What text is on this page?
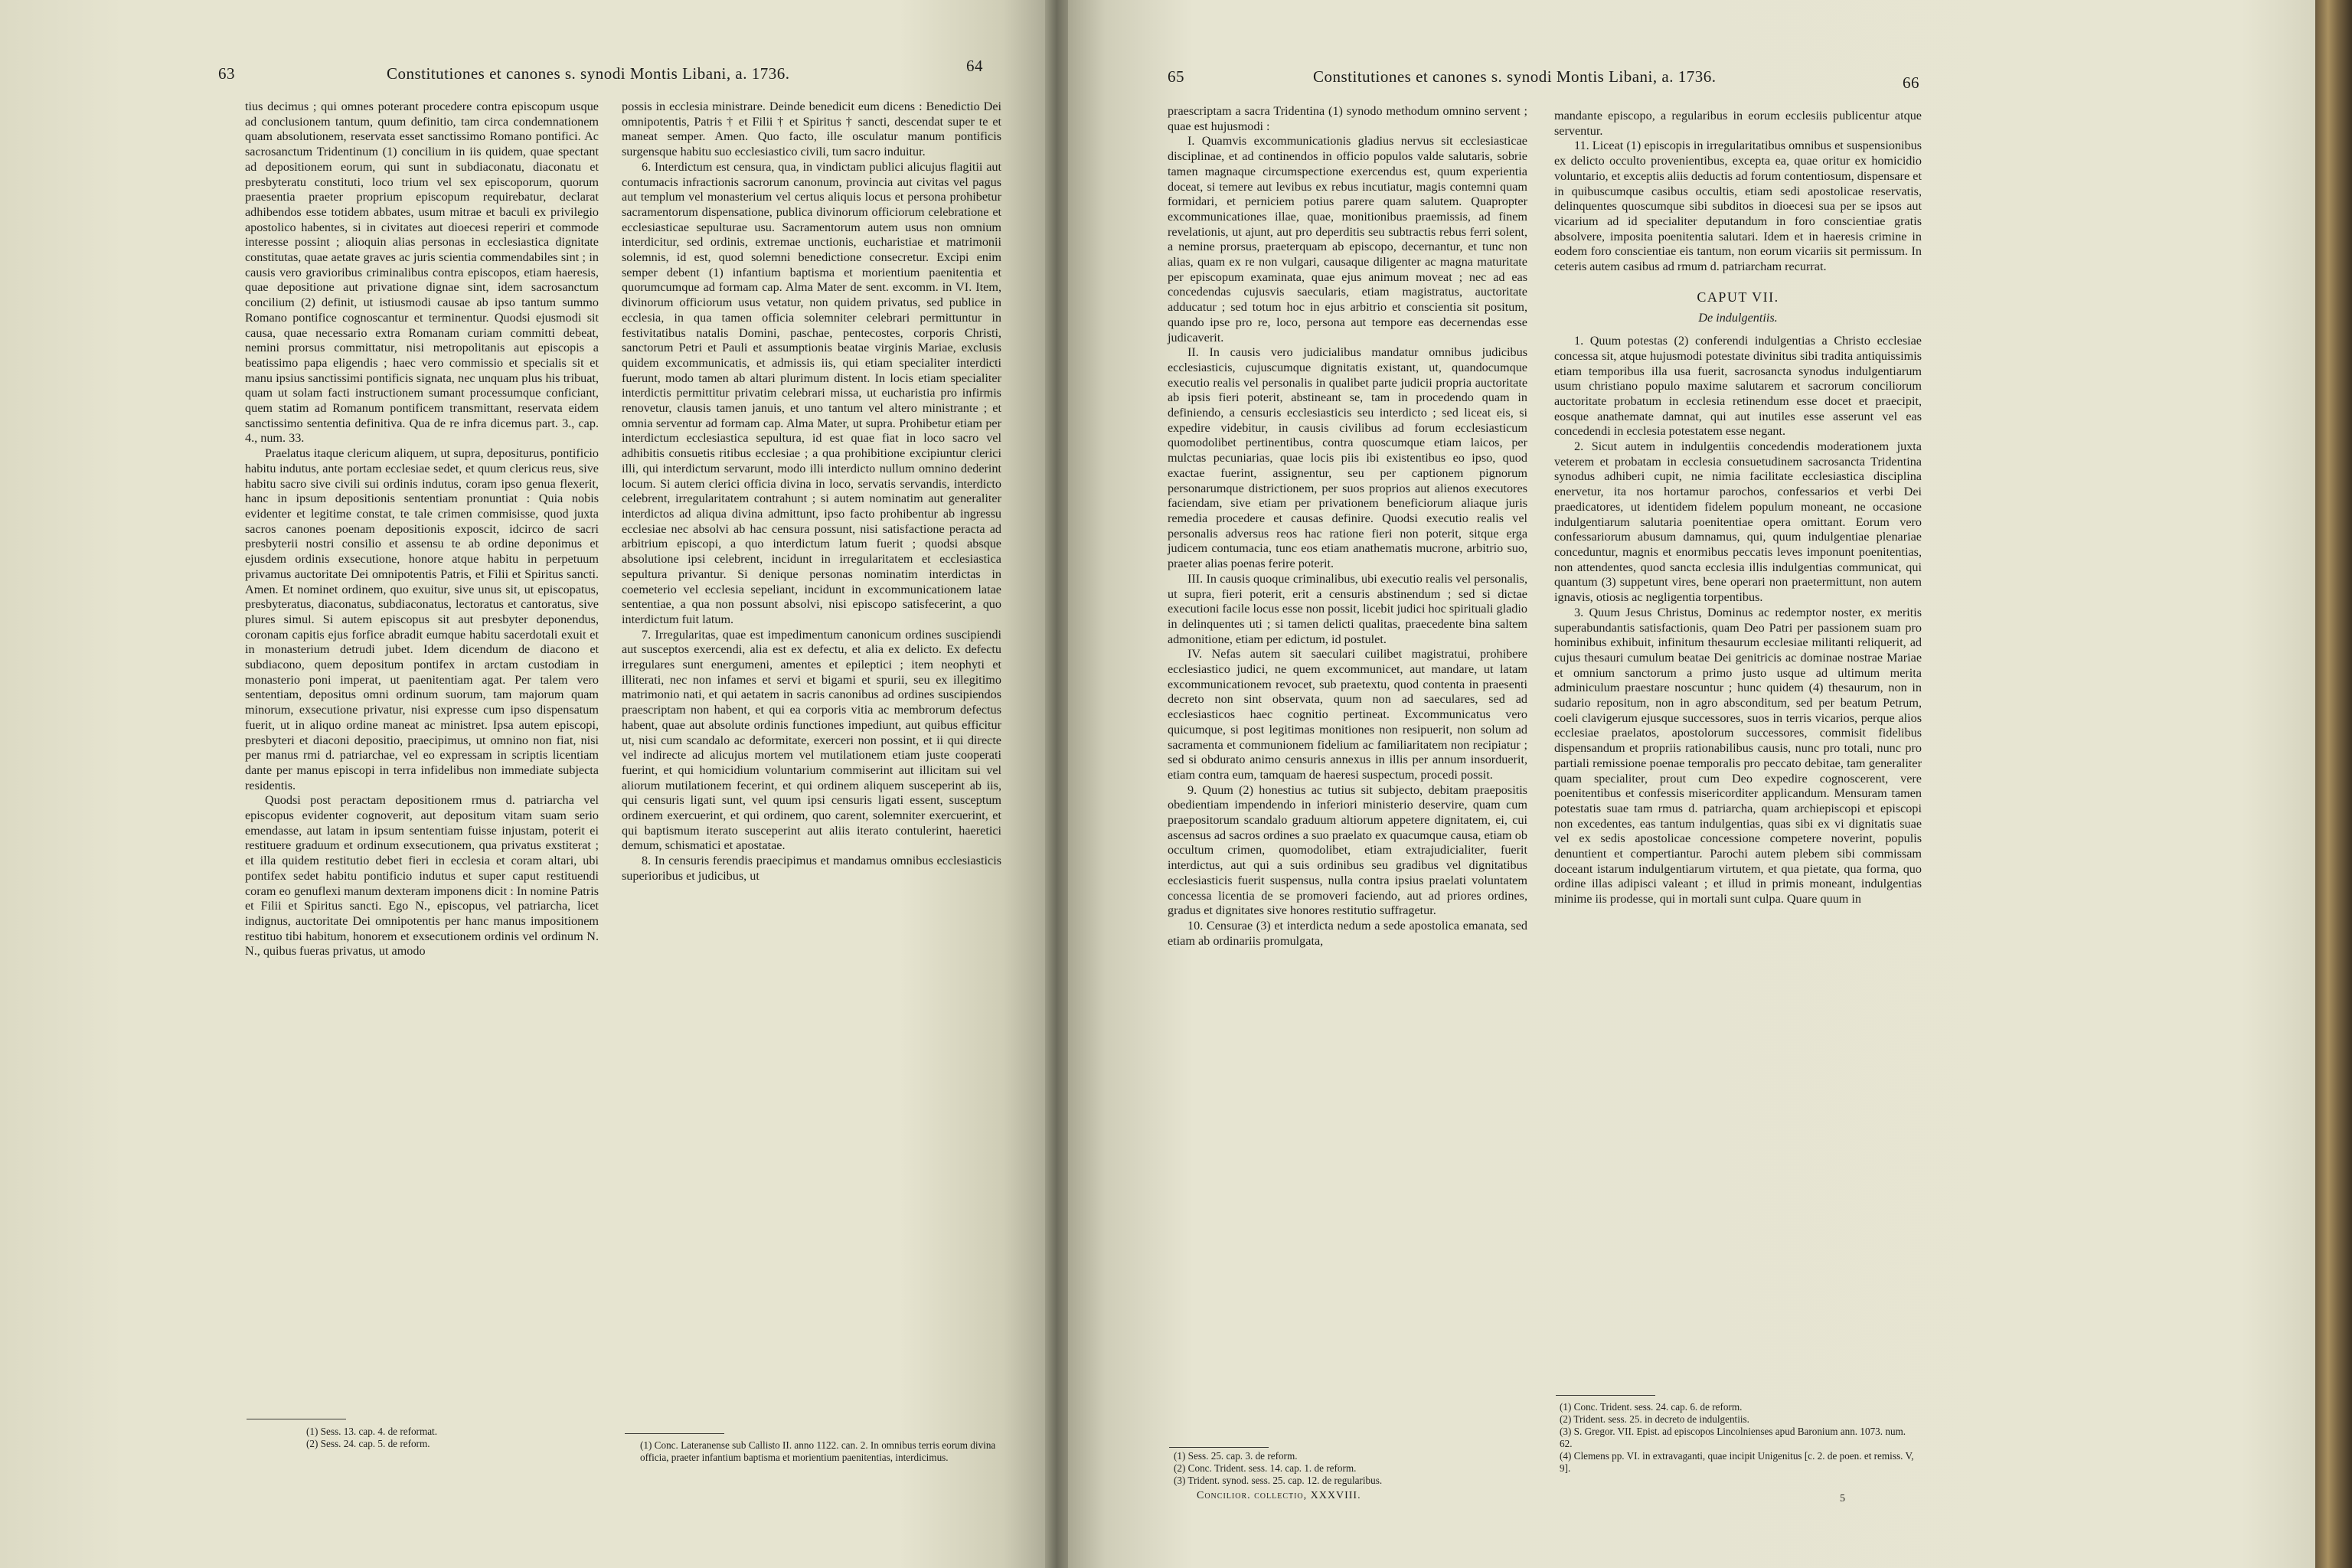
63	Constitutiones et canones s. synodi Montis Libani, a. 1736.	64

tius decimus ; qui omnes poterant procedere contra episcopum usque ad conclusionem tantum, quum definitio, tam circa condemnationem quam absolutionem, reservata esset sanctissimo Romano pontifici. Ac sacrosanctum Tridentinum (1) concilium in iis quidem, quae spectant ad depositionem eorum, qui sunt in subdiaconatu, diaconatu et presbyteratu constituti, loco trium vel sex episcoporum, quorum praesentia praeter proprium episcopum requirebatur, declarat adhibendos esse totidem abbates, usum mitrae et baculi ex privilegio apostolico habentes, si in civitates aut dioecesi reperiri et commode interesse possint ; alioquin alias personas in ecclesiastica dignitate constitutas, quae aetate graves ac juris scientia commendabiles sint ; in causis vero gravioribus criminalibus contra episcopos, etiam haeresis, quae depositione aut privatione dignae sint, idem sacrosanctum concilium (2) definit, ut istiusmodi causae ab ipso tantum summo Romano pontifice cognoscantur et terminentur. Quodsi ejusmodi sit causa, quae necessario extra Romanam curiam committi debeat, nemini prorsus committatur, nisi metropolitanis aut episcopis a beatissimo papa eligendis ; haec vero commissio et specialis sit et manu ipsius sanctissimi pontificis signata, nec unquam plus his tribuat, quam ut solam facti instructionem sumant processumque conficiant, quem statim ad Romanum pontificem transmittant, reservata eidem sanctissimo sententia definitiva. Qua de re infra dicemus part. 3., cap. 4., num. 33.

Praelatus itaque clericum aliquem, ut supra, depositurus, pontificio habitu indutus, ante portam ecclesiae sedet, et quum clericus reus, sive habitu sacro sive civili sui ordinis indutus, coram ipso genua flexerit, hanc in ipsum depositionis sententiam pronuntiat : Quia nobis evidenter et legitime constat, te tale crimen commisisse, quod juxta sacros canones poenam depositionis exposcit, idcirco de sacri presbyterii nostri consilio et assensu te ab ordine deponimus et ejusdem ordinis exsecutione, honore atque habitu in perpetuum privamus auctoritate Dei omnipotentis Patris, et Filii et Spiritus sancti. Amen. Et nominet ordinem, quo exuitur, sive unus sit, ut episcopatus, presbyteratus, diaconatus, subdiaconatus, lectoratus et cantoratus, sive plures simul. Si autem episcopus sit aut presbyter deponendus, coronam capitis ejus forfice abradit eumque habitu sacerdotali exuit et in monasterium detrudi jubet. Idem dicendum de diacono et subdiacono, quem depositum pontifex in arctam custodiam in monasterio poni imperat, ut paenitentiam agat. Per talem vero sententiam, depositus omni ordinum suorum, tam majorum quam minorum, exsecutione privatur, nisi expresse cum ipso dispensatum fuerit, ut in aliquo ordine maneat ac ministret. Ipsa autem episcopi, presbyteri et diaconi depositio, praecipimus, ut omnino non fiat, nisi per manus rmi d. patriarchae, vel eo expressam in scriptis licentiam dante per manus episcopi in terra infidelibus non immediate subjecta residentis.

Quodsi post peractam depositionem rmus d. patriarcha vel episcopus evidenter cognoverit, aut depositum vitam suam serio emendasse, aut latam in ipsum sententiam fuisse injustam, poterit ei restituere graduum et ordinum exsecutionem, qua privatus exstiterat ; et illa quidem restitutio debet fieri in ecclesia et coram altari, ubi pontifex sedet habitu pontificio indutus et super caput restituendi coram eo genuflexi manum dexteram imponens dicit : In nomine Patris et Filii et Spiritus sancti. Ego N., episcopus, vel patriarcha, licet indignus, auctoritate Dei omnipotentis per hanc manus impositionem restituo tibi habitum, honorem et exsecutionem ordinis vel ordinum N. N., quibus fueras privatus, ut amodo

(1) Sess. 13. cap. 4. de reformat.
(2) Sess. 24. cap. 5. de reform.

possis in ecclesia ministrare. Deinde benedicit eum dicens : Benedictio Dei omnipotentis, Patris † et Filii † et Spiritus † sancti, descendat super te et maneat semper. Amen. Quo facto, ille osculatur manum pontificis surgensque habitu suo ecclesiastico civili, tum sacro induitur.

6. Interdictum est censura, qua, in vindictam publici alicujus flagitii aut contumacis infractionis sacrorum canonum, provincia aut civitas vel pagus aut templum vel monasterium vel certus aliquis locus et persona prohibetur sacramentorum dispensatione, publica divinorum officiorum celebratione et ecclesiasticae sepulturae usu. Sacramentorum autem usus non omnium interdicitur, sed ordinis, extremae unctionis, eucharistiae et matrimonii solemnis, id est, quod solemni benedictione consecretur. Excipi enim semper debent (1) infantium baptisma et morientium paenitentia et quorumcumque ad formam cap. Alma Mater de sent. excomm. in VI. Item, divinorum officiorum usus vetatur, non quidem privatus, sed publice in ecclesia, in qua tamen officia solemniter celebrari permittuntur in festivitatibus natalis Domini, paschae, pentecostes, corporis Christi, sanctorum Petri et Pauli et assumptionis beatae virginis Mariae, exclusis quidem excommunicatis, et admissis iis, qui etiam specialiter interdicti fuerunt, modo tamen ab altari plurimum distent. In locis etiam specialiter interdictis permittitur privatim celebrari missa, ut eucharistia pro infirmis renovetur, clausis tamen januis, et uno tantum vel altero ministrante ; et omnia serventur ad formam cap. Alma Mater, ut supra. Prohibetur etiam per interdictum ecclesiastica sepultura, id est quae fiat in loco sacro vel adhibitis consuetis ritibus ecclesiae ; a qua prohibitione excipiuntur clerici illi, qui interdictum servarunt, modo illi interdicto nullum omnino dederint locum. Si autem clerici officia divina in loco, servatis servandis, interdicto celebrent, irregularitatem contrahunt ; si autem nominatim aut generaliter interdictos ad aliqua divina admittunt, ipso facto prohibentur ab ingressu ecclesiae nec absolvi ab hac censura possunt, nisi satisfactione peracta ad arbitrium episcopi, a quo interdictum latum fuerit ; quodsi absque absolutione ipsi celebrent, incidunt in irregularitatem et ecclesiastica sepultura privantur. Si denique personas nominatim interdictas in coemeterio vel ecclesia sepeliant, incidunt in excommunicationem latae sententiae, a qua non possunt absolvi, nisi episcopo satisfecerint, a quo interdictum fuit latum.

7. Irregularitas, quae est impedimentum canonicum ordines suscipiendi aut susceptos exercendi, alia est ex defectu, et alia ex delicto. Ex defectu irregulares sunt energumeni, amentes et epileptici ; item neophyti et illiterati, nec non infames et servi et bigami et spurii, seu ex illegitimo matrimonio nati, et qui aetatem in sacris canonibus ad ordines suscipiendos praescriptam non habent, et qui ea corporis vitia ac membrorum defectus habent, quae aut absolute ordinis functiones impediunt, aut quibus efficitur ut, nisi cum scandalo ac deformitate, exerceri non possint, et ii qui directe vel indirecte ad alicujus mortem vel mutilationem etiam juste cooperati fuerint, et qui homicidium voluntarium commiserint aut illicitam sui vel aliorum mutilationem fecerint, et qui ordinem aliquem susceperint ab iis, qui censuris ligati sunt, vel quum ipsi censuris ligati essent, susceptum ordinem exercuerint, et qui ordinem, quo carent, solemniter exercuerint, et qui baptismum iterato susceperint aut aliis iterato contulerint, haeretici demum, schismatici et apostatae.

8. In censuris ferendis praecipimus et mandamus omnibus ecclesiasticis superioribus et judicibus, ut

(1) Conc. Lateranense sub Callisto II. anno 1122. can. 2. In omnibus terris eorum divina officia, praeter infantium baptisma et morientium paenitentias, interdicimus.
65	Constitutiones et canones s. synodi Montis Libani, a. 1736.	66

praescriptam a sacra Tridentina (1) synodo methodum omnino servent ; quae est hujusmodi :

I. Quamvis excommunicationis gladius nervus sit ecclesiasticae disciplinae, et ad continendos in officio populos valde salutaris, sobrie tamen magnaque circumspectione exercendus est, quum experientia doceat, si temere aut levibus ex rebus incutiatur, magis contemni quam formidari, et perniciem potius parere quam salutem. Quapropter excommunicationes illae, quae, monitionibus praemissis, ad finem revelationis, ut ajunt, aut pro deperditis seu subtractis rebus ferri solent, a nemine prorsus, praeterquam ab episcopo, decernantur, et tunc non alias, quam ex re non vulgari, causaque diligenter ac magna maturitate per episcopum examinata, quae ejus animum moveat ; nec ad eas concedendas cujusvis saecularis, etiam magistratus, auctoritate adducatur ; sed totum hoc in ejus arbitrio et conscientia sit positum, quando ipse pro re, loco, persona aut tempore eas decernendas esse judicaverit.

II. In causis vero judicialibus mandatur omnibus judicibus ecclesiasticis, cujuscumque dignitatis existant, ut, quandocumque executio realis vel personalis in qualibet parte judicii propria auctoritate ab ipsis fieri poterit, abstineant se, tam in procedendo quam in definiendo, a censuris ecclesiasticis seu interdicto ; sed liceat eis, si expedire videbitur, in causis civilibus ad forum ecclesiasticum quomodolibet pertinentibus, contra quoscumque etiam laicos, per mulctas pecuniarias, quae locis piis ibi existentibus eo ipso, quod exactae fuerint, assignentur, seu per captionem pignorum personarumque districtionem, per suos proprios aut alienos executores faciendam, sive etiam per privationem beneficiorum aliaque juris remedia procedere et causas definire. Quodsi executio realis vel personalis adversus reos hac ratione fieri non poterit, sitque erga judicem contumacia, tunc eos etiam anathematis mucrone, arbitrio suo, praeter alias poenas ferire poterit.

III. In causis quoque criminalibus, ubi executio realis vel personalis, ut supra, fieri poterit, erit a censuris abstinendum ; sed si dictae executioni facile locus esse non possit, licebit judici hoc spirituali gladio in delinquentes uti ; si tamen delicti qualitas, praecedente bina saltem admonitione, etiam per edictum, id postulet.

IV. Nefas autem sit saeculari cuilibet magistratui, prohibere ecclesiastico judici, ne quem excommunicet, aut mandare, ut latam excommunicationem revocet, sub praetextu, quod contenta in praesenti decreto non sint observata, quum non ad saeculares, sed ad ecclesiasticos haec cognitio pertineat. Excommunicatus vero quicumque, si post legitimas monitiones non resipuerit, non solum ad sacramenta et communionem fidelium ac familiaritatem non recipiatur ; sed si obdurato animo censuris annexus in illis per annum insorduerit, etiam contra eum, tamquam de haeresi suspectum, procedi possit.

9. Quum (2) honestius ac tutius sit subjecto, debitam praepositis obedientiam impendendo in inferiori ministerio deservire, quam cum praepositorum scandalo graduum altiorum appetere dignitatem, ei, cui ascensus ad sacros ordines a suo praelato ex quacumque causa, etiam ob occultum crimen, quomodolibet, etiam extrajudicialiter, fuerit interdictus, aut qui a suis ordinibus seu gradibus vel dignitatibus ecclesiasticis fuerit suspensus, nulla contra ipsius praelati voluntatem concessa licentia de se promoveri faciendo, aut ad priores ordines, gradus et dignitates sive honores restitutio suffragetur.

10. Censurae (3) et interdicta nedum a sede apostolica emanata, sed etiam ab ordinariis promulgata,

(1) Sess. 25. cap. 3. de reform.
(2) Conc. Trident. sess. 14. cap. 1. de reform.
(3) Trident. synod. sess. 25. cap. 12. de regularibus.
Concilior. collectio, XXXVIII.

mandante episcopo, a regularibus in eorum ecclesiis publicentur atque serventur.

11. Liceat (1) episcopis in irregularitatibus omnibus et suspensionibus ex delicto occulto provenientibus, excepta ea, quae oritur ex homicidio voluntario, et exceptis aliis deductis ad forum contentiosum, dispensare et in quibuscumque casibus occultis, etiam sedi apostolicae reservatis, delinquentes quoscumque sibi subditos in dioecesi sua per se ipsos aut vicarium ad id specialiter deputandum in foro conscientiae gratis absolvere, imposita poenitentia salutari. Idem et in haeresis crimine in eodem foro conscientiae eis tantum, non eorum vicariis sit permissum. In ceteris autem casibus ad rmum d. patriarcham recurrat.

CAPUT VII.
De indulgentiis.

1. Quum potestas (2) conferendi indulgentias a Christo ecclesiae concessa sit, atque hujusmodi potestate divinitus sibi tradita antiquissimis etiam temporibus illa usa fuerit, sacrosancta synodus indulgentiarum usum christiano populo maxime salutarem et sacrorum conciliorum auctoritate probatum in ecclesia retinendum esse docet et praecipit, eosque anathemate damnat, qui aut inutiles esse asserunt vel eas concedendi in ecclesia potestatem esse negant.

2. Sicut autem in indulgentiis concedendis moderationem juxta veterem et probatam in ecclesia consuetudinem sacrosancta Tridentina synodus adhiberi cupit, ne nimia facilitate ecclesiastica disciplina enervetur, ita nos hortamur parochos, confessarios et verbi Dei praedicatores, ut identidem fidelem populum moneant, ne occasione indulgentiarum salutaria poenitentiae opera omittant. Eorum vero confessariorum abusum damnamus, qui, quum indulgentiae plenariae conceduntur, magnis et enormibus peccatis leves imponunt poenitentias, non attendentes, quod sancta ecclesia illis indulgentias communicat, qui quantum (3) suppetunt vires, bene operari non praetermittunt, non autem ignavis, otiosis ac negligentia torpentibus.

3. Quum Jesus Christus, Dominus ac redemptor noster, ex meritis superabundantis satisfactionis, quam Deo Patri per passionem suam pro hominibus exhibuit, infinitum thesaurum ecclesiae militanti reliquerit, ad cujus thesauri cumulum beatae Dei genitricis ac dominae nostrae Mariae et omnium sanctorum a primo justo usque ad ultimum merita adminiculum praestare noscuntur ; hunc quidem (4) thesaurum, non in sudario repositum, non in agro absconditum, sed per beatum Petrum, coeli clavigerum ejusque successores, suos in terris vicarios, perque alios ecclesiae praelatos, apostolorum successores, commisit fidelibus dispensandum et propriis rationabilibus causis, nunc pro totali, nunc pro partiali remissione poenae temporalis pro peccato debitae, tam generaliter quam specialiter, prout cum Deo expedire cognoscerent, vere poenitentibus et confessis misericorditer applicandum. Mensuram tamen potestatis suae tam rmus d. patriarcha, quam archiepiscopi et episcopi non excedentes, eas tantum indulgentias, quas sibi ex vi dignitatis suae vel ex sedis apostolicae concessione competere noverint, populis denuntient et compertiantur. Parochi autem plebem sibi commissam doceant istarum indulgentiarum virtutem, et qua pietate, qua forma, quo ordine illas adipisci valeant ; et illud in primis moneant, indulgentias minime iis prodesse, qui in mortali sunt culpa. Quare quum in

(1) Conc. Trident. sess. 24. cap. 6. de reform.
(2) Trident. sess. 25. in decreto de indulgentiis.
(3) S. Gregor. VII. Epist. ad episcopos Lincolnienses apud Baronium ann. 1073. num. 62.
(4) Clemens pp. VI. in extravaganti, quae incipit Unigenitus [c. 2. de poen. et remiss. V, 9].
5
